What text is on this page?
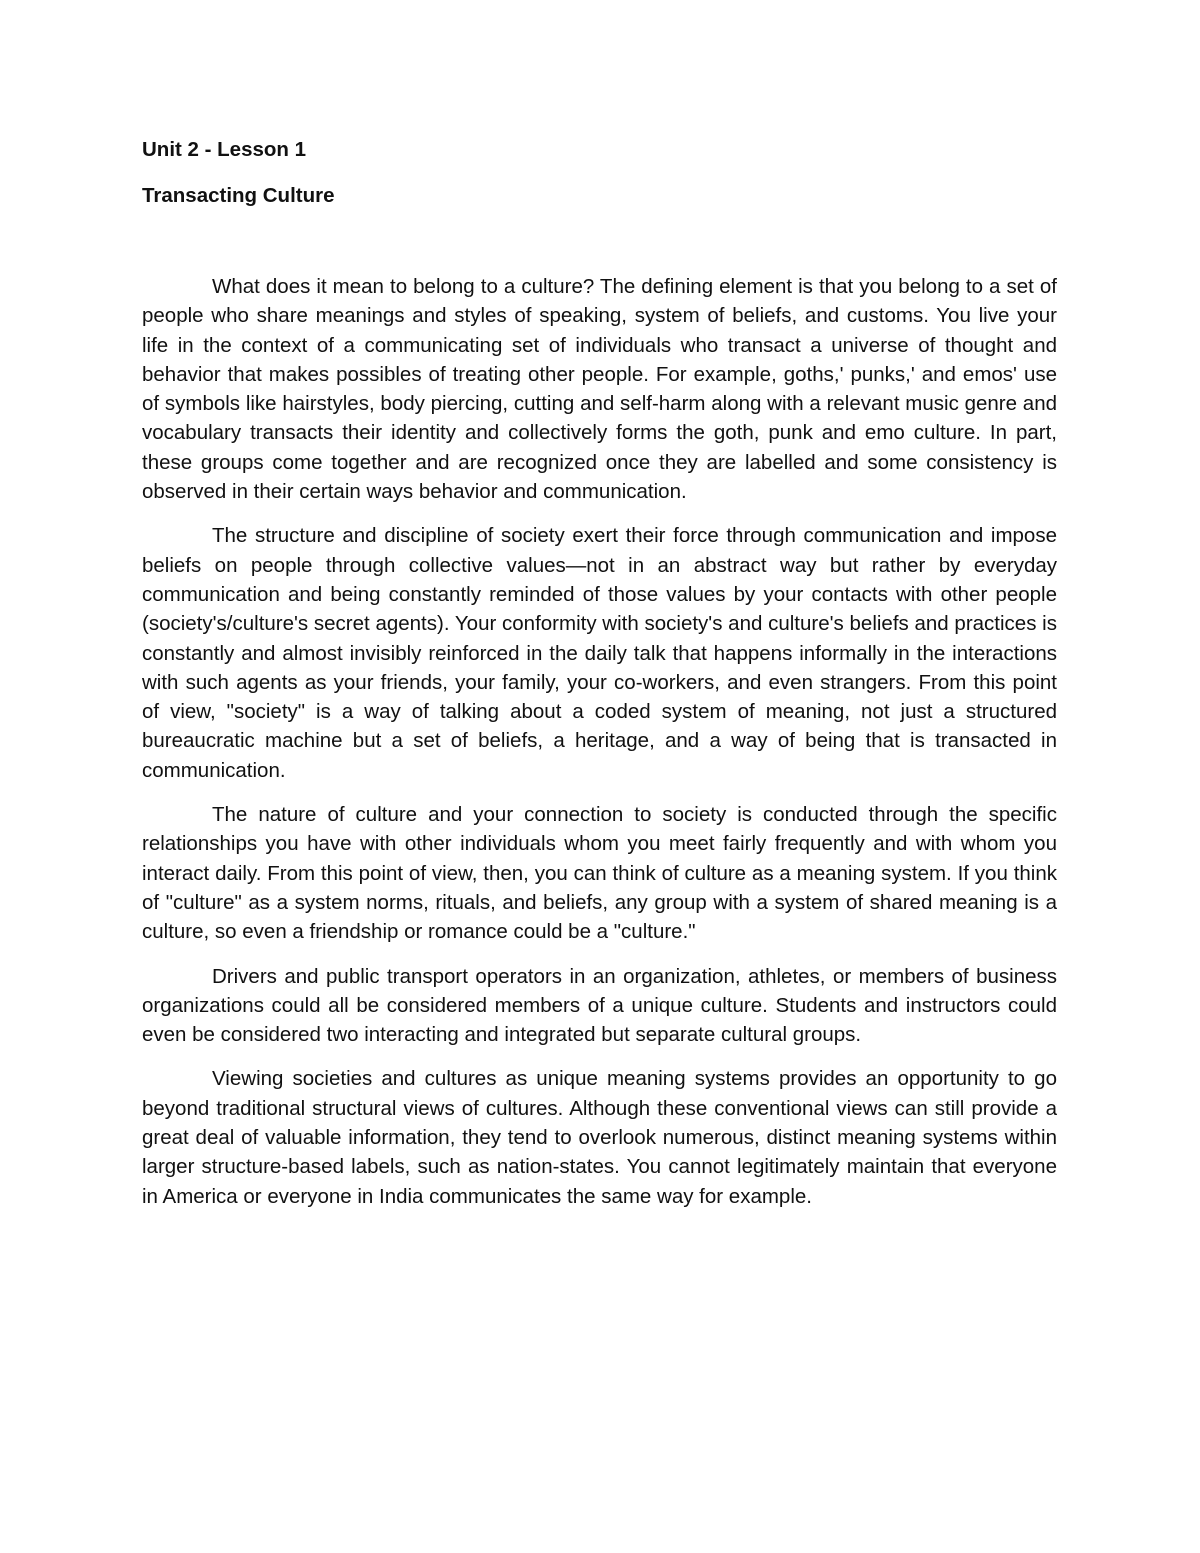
Unit 2 - Lesson 1

Transacting Culture

What does it mean to belong to a culture? The defining element is that you belong to a set of people who share meanings and styles of speaking, system of beliefs, and customs. You live your life in the context of a communicating set of individuals who transact a universe of thought and behavior that makes possibles of treating other people. For example, goths,' punks,' and emos' use of symbols like hairstyles, body piercing, cutting and self-harm along with a relevant music genre and vocabulary transacts their identity and collectively forms the goth, punk and emo culture. In part, these groups come together and are recognized once they are labelled and some consistency is observed in their certain ways behavior and communication.

The structure and discipline of society exert their force through communication and impose beliefs on people through collective values—not in an abstract way but rather by everyday communication and being constantly reminded of those values by your contacts with other people (society's/culture's secret agents). Your conformity with society's and culture's beliefs and practices is constantly and almost invisibly reinforced in the daily talk that happens informally in the interactions with such agents as your friends, your family, your co-workers, and even strangers. From this point of view, "society" is a way of talking about a coded system of meaning, not just a structured bureaucratic machine but a set of beliefs, a heritage, and a way of being that is transacted in communication.

The nature of culture and your connection to society is conducted through the specific relationships you have with other individuals whom you meet fairly frequently and with whom you interact daily. From this point of view, then, you can think of culture as a meaning system. If you think of "culture" as a system norms, rituals, and beliefs, any group with a system of shared meaning is a culture, so even a friendship or romance could be a "culture."

Drivers and public transport operators in an organization, athletes, or members of business organizations could all be considered members of a unique culture. Students and instructors could even be considered two interacting and integrated but separate cultural groups.

Viewing societies and cultures as unique meaning systems provides an opportunity to go beyond traditional structural views of cultures. Although these conventional views can still provide a great deal of valuable information, they tend to overlook numerous, distinct meaning systems within larger structure-based labels, such as nation-states. You cannot legitimately maintain that everyone in America or everyone in India communicates the same way for example.
